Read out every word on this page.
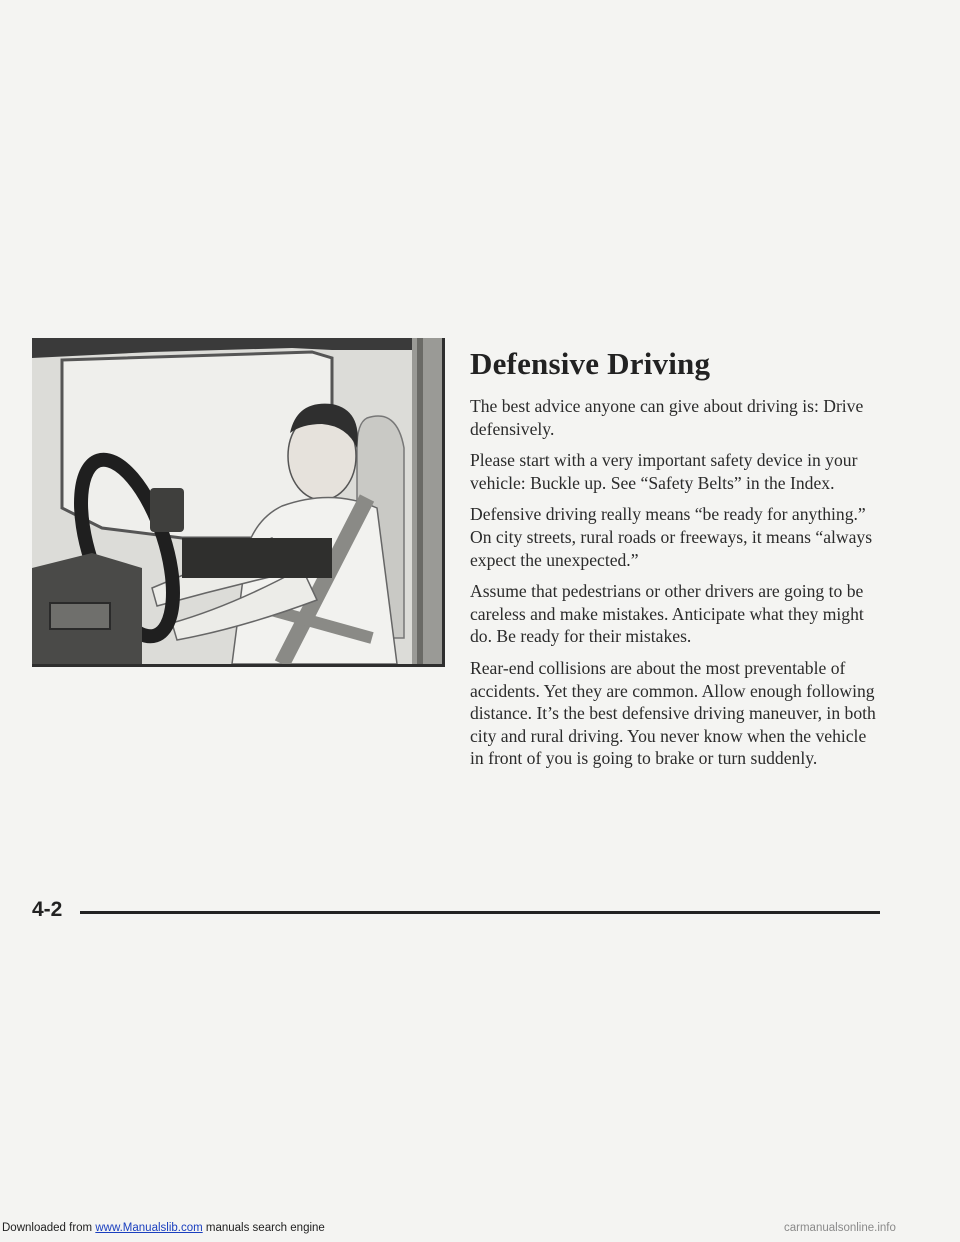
Defensive Driving

The best advice anyone can give about driving is: Drive defensively.

Please start with a very important safety device in your vehicle: Buckle up. See “Safety Belts” in the Index.

Defensive driving really means “be ready for anything.” On city streets, rural roads or freeways, it means “always expect the unexpected.”

Assume that pedestrians or other drivers are going to be careless and make mistakes. Anticipate what they might do. Be ready for their mistakes.

Rear-end collisions are about the most preventable of accidents. Yet they are common. Allow enough following distance. It’s the best defensive driving maneuver, in both city and rural driving. You never know when the vehicle in front of you is going to brake or turn suddenly.

4-2
Downloaded from www.Manualslib.com manuals search engine	carmanualsonline.info
